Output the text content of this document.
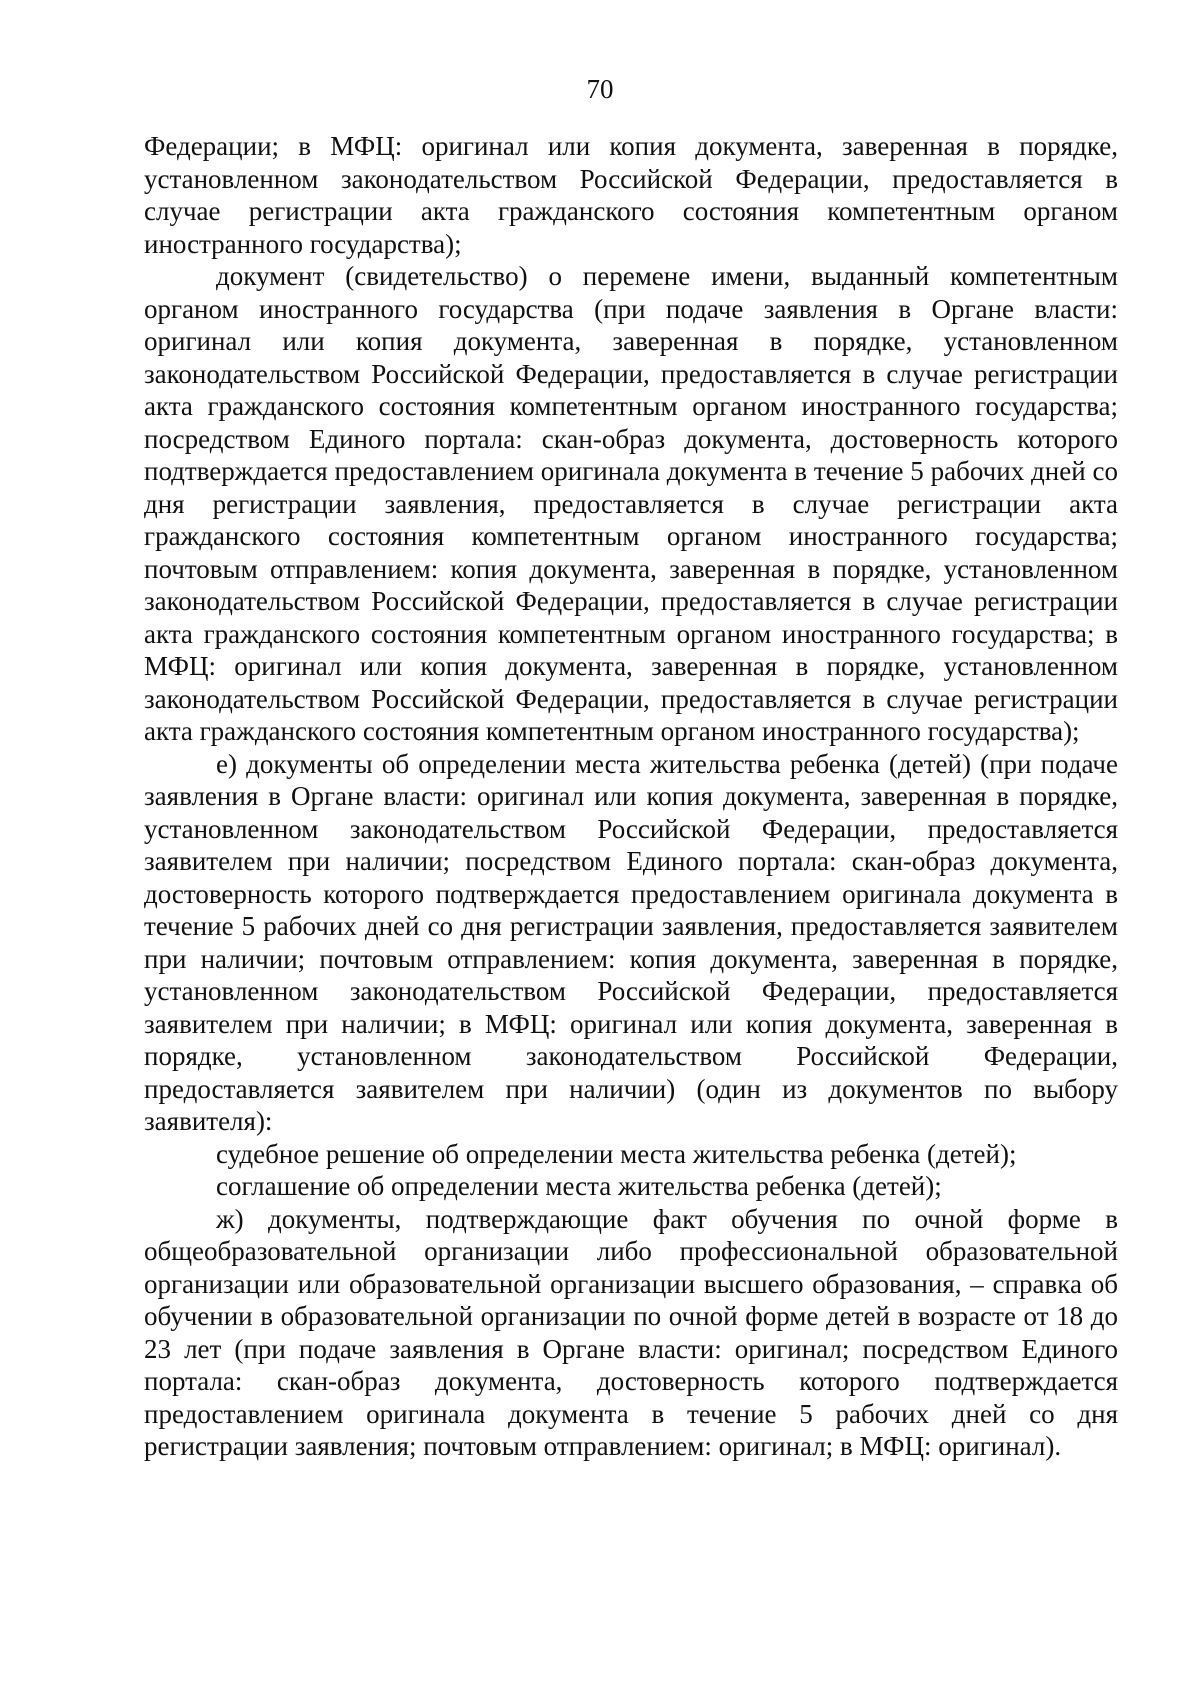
70

Федерации; в МФЦ: оригинал или копия документа, заверенная в порядке, установленном законодательством Российской Федерации, предоставляется в случае регистрации акта гражданского состояния компетентным органом иностранного государства);

документ (свидетельство) о перемене имени, выданный компетентным органом иностранного государства (при подаче заявления в Органе власти: оригинал или копия документа, заверенная в порядке, установленном законодательством Российской Федерации, предоставляется в случае регистрации акта гражданского состояния компетентным органом иностранного государства; посредством Единого портала: скан-образ документа, достоверность которого подтверждается предоставлением оригинала документа в течение 5 рабочих дней со дня регистрации заявления, предоставляется в случае регистрации акта гражданского состояния компетентным органом иностранного государства; почтовым отправлением: копия документа, заверенная в порядке, установленном законодательством Российской Федерации, предоставляется в случае регистрации акта гражданского состояния компетентным органом иностранного государства; в МФЦ: оригинал или копия документа, заверенная в порядке, установленном законодательством Российской Федерации, предоставляется в случае регистрации акта гражданского состояния компетентным органом иностранного государства);

е) документы об определении места жительства ребенка (детей) (при подаче заявления в Органе власти: оригинал или копия документа, заверенная в порядке, установленном законодательством Российской Федерации, предоставляется заявителем при наличии; посредством Единого портала: скан-образ документа, достоверность которого подтверждается предоставлением оригинала документа в течение 5 рабочих дней со дня регистрации заявления, предоставляется заявителем при наличии; почтовым отправлением: копия документа, заверенная в порядке, установленном законодательством Российской Федерации, предоставляется заявителем при наличии; в МФЦ: оригинал или копия документа, заверенная в порядке, установленном законодательством Российской Федерации, предоставляется заявителем при наличии) (один из документов по выбору заявителя):

судебное решение об определении места жительства ребенка (детей);

соглашение об определении места жительства ребенка (детей);

ж) документы, подтверждающие факт обучения по очной форме в общеобразовательной организации либо профессиональной образовательной организации или образовательной организации высшего образования, – справка об обучении в образовательной организации по очной форме детей в возрасте от 18 до 23 лет (при подаче заявления в Органе власти: оригинал; посредством Единого портала: скан-образ документа, достоверность которого подтверждается предоставлением оригинала документа в течение 5 рабочих дней со дня регистрации заявления; почтовым отправлением: оригинал; в МФЦ: оригинал).
